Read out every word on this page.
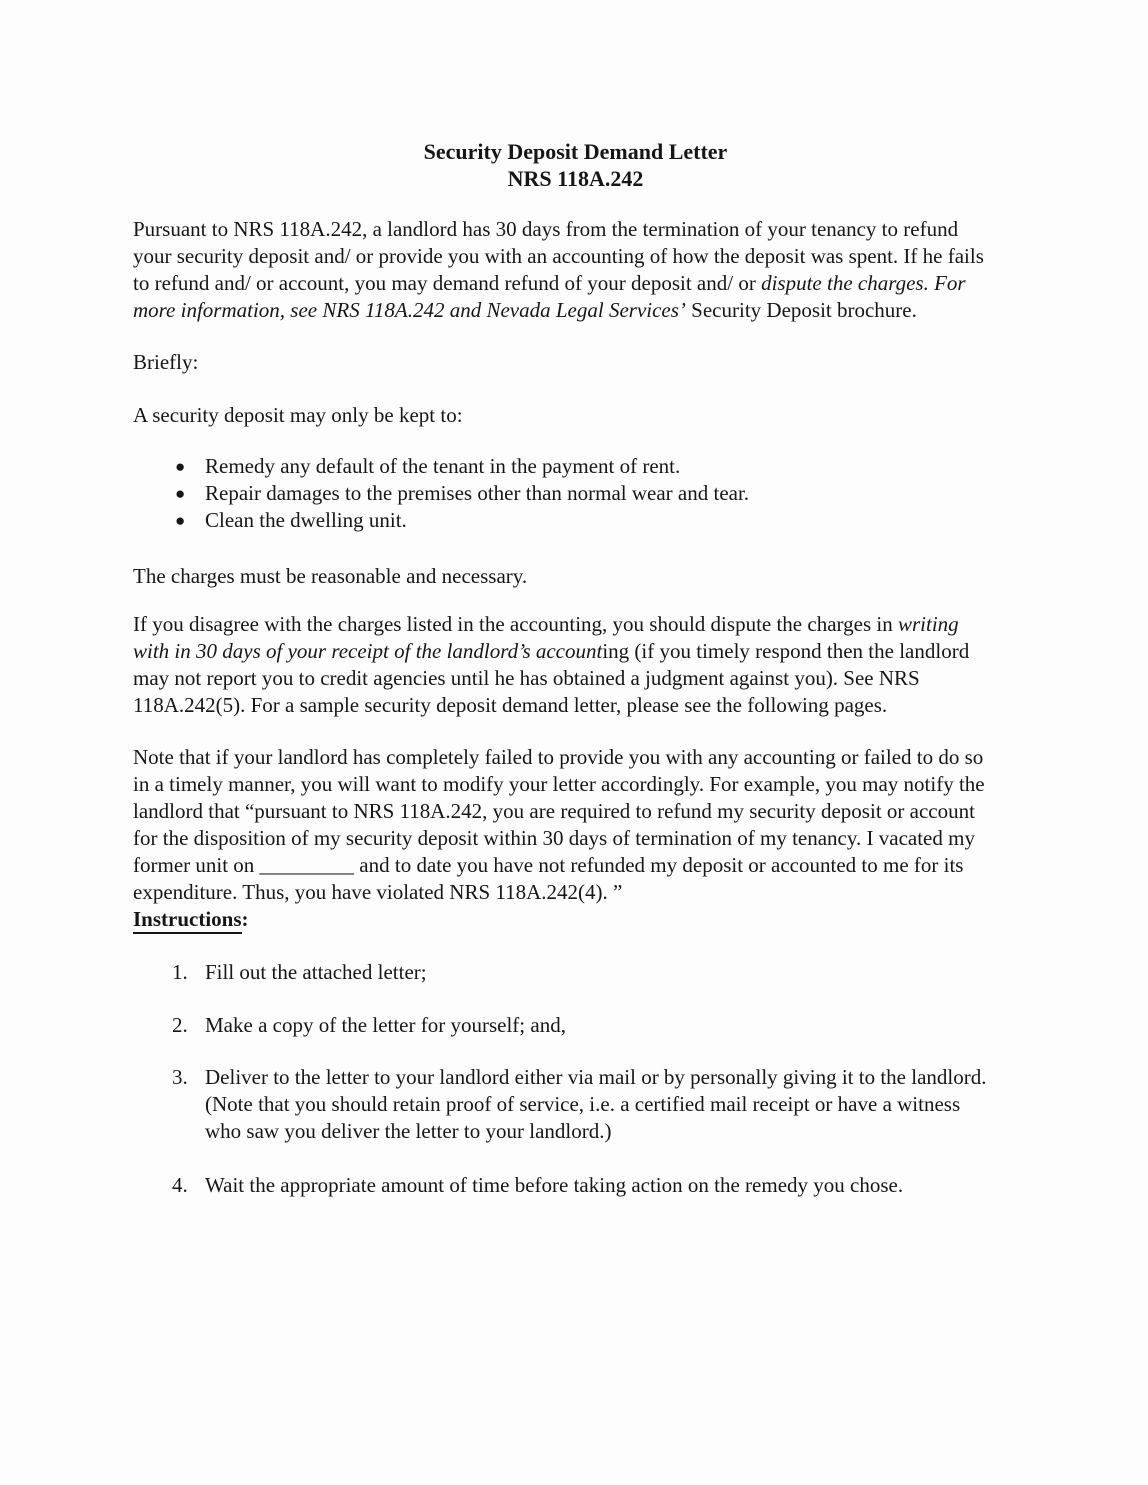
Security Deposit Demand Letter
NRS 118A.242

Pursuant to NRS 118A.242, a landlord has 30 days from the termination of your tenancy to refund your security deposit and/ or provide you with an accounting of how the deposit was spent. If he fails to refund and/ or account, you may demand refund of your deposit and/ or dispute the charges. For more information, see NRS 118A.242 and Nevada Legal Services’ Security Deposit brochure.

Briefly:

A security deposit may only be kept to:

● Remedy any default of the tenant in the payment of rent.
● Repair damages to the premises other than normal wear and tear.
● Clean the dwelling unit.

The charges must be reasonable and necessary.

If you disagree with the charges listed in the accounting, you should dispute the charges in writing with in 30 days of your receipt of the landlord’s accounting (if you timely respond then the landlord may not report you to credit agencies until he has obtained a judgment against you). See NRS 118A.242(5). For a sample security deposit demand letter, please see the following pages.

Note that if your landlord has completely failed to provide you with any accounting or failed to do so in a timely manner, you will want to modify your letter accordingly. For example, you may notify the landlord that “pursuant to NRS 118A.242, you are required to refund my security deposit or account for the disposition of my security deposit within 30 days of termination of my tenancy. I vacated my former unit on _________ and to date you have not refunded my deposit or accounted to me for its expenditure. Thus, you have violated NRS 118A.242(4). ”

Instructions:

1. Fill out the attached letter;
2. Make a copy of the letter for yourself; and,
3. Deliver to the letter to your landlord either via mail or by personally giving it to the landlord. (Note that you should retain proof of service, i.e. a certified mail receipt or have a witness who saw you deliver the letter to your landlord.)
4. Wait the appropriate amount of time before taking action on the remedy you chose.
